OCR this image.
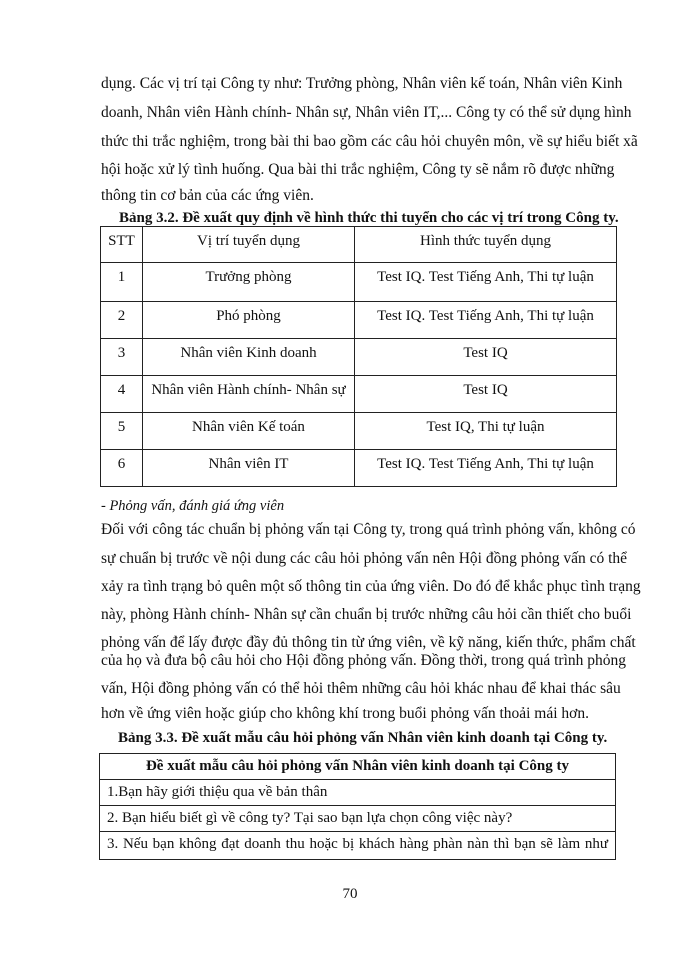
dụng. Các vị trí tại Công ty như: Trưởng phòng, Nhân viên kế toán, Nhân viên Kinh
doanh, Nhân viên Hành chính- Nhân sự, Nhân viên IT,... Công ty có thể sử dụng hình
thức thi trắc nghiệm, trong bài thi bao gồm các câu hỏi chuyên môn, về sự hiểu biết xã
hội hoặc xử lý tình huống. Qua bài thi trắc nghiệm, Công ty sẽ nắm rõ được những
thông tin cơ bản của các ứng viên.
Bảng 3.2. Đề xuất quy định về hình thức thi tuyển cho các vị trí trong Công ty.
STT	Vị trí tuyển dụng	Hình thức tuyển dụng
1	Trưởng phòng	Test IQ. Test Tiếng Anh, Thi tự luận
2	Phó phòng	Test IQ. Test Tiếng Anh, Thi tự luận
3	Nhân viên Kinh doanh	Test IQ
4	Nhân viên Hành chính- Nhân sự	Test IQ
5	Nhân viên Kế toán	Test IQ, Thi tự luận
6	Nhân viên IT	Test IQ. Test Tiếng Anh, Thi tự luận
- Phỏng vấn, đánh giá ứng viên
Đối với công tác chuẩn bị phỏng vấn tại Công ty, trong quá trình phỏng vấn, không có
sự chuẩn bị trước về nội dung các câu hỏi phỏng vấn nên Hội đồng phỏng vấn có thể
xảy ra tình trạng bỏ quên một số thông tin của ứng viên. Do đó để khắc phục tình trạng
này, phòng Hành chính- Nhân sự cần chuẩn bị trước những câu hỏi cần thiết cho buổi
phỏng vấn để lấy được đầy đủ thông tin từ ứng viên, về kỹ năng, kiến thức, phẩm chất
của họ và đưa bộ câu hỏi cho Hội đồng phỏng vấn. Đồng thời, trong quá trình phỏng
vấn, Hội đồng phỏng vấn có thể hỏi thêm những câu hỏi khác nhau để khai thác sâu
hơn về ứng viên hoặc giúp cho không khí trong buổi phỏng vấn thoải mái hơn.
Bảng 3.3. Đề xuất mẫu câu hỏi phỏng vấn Nhân viên kinh doanh tại Công ty.
Đề xuất mẫu câu hỏi phỏng vấn Nhân viên kinh doanh tại Công ty
1.Bạn hãy giới thiệu qua về bản thân
2. Bạn hiểu biết gì về công ty? Tại sao bạn lựa chọn công việc này?
3. Nếu bạn không đạt doanh thu hoặc bị khách hàng phàn nàn thì bạn sẽ làm như
70
